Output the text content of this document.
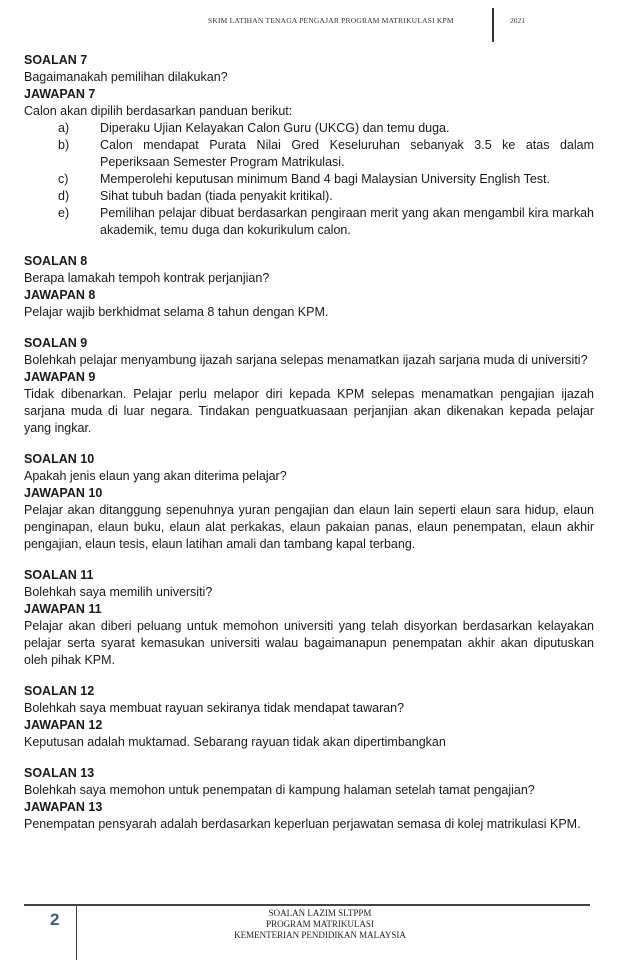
SKIM LATIHAN TENAGA PENGAJAR PROGRAM MATRIKULASI KPM	2021
SOALAN 7
Bagaimanakah pemilihan dilakukan?
JAWAPAN 7
Calon akan dipilih berdasarkan panduan berikut:
a)	Diperaku Ujian Kelayakan Calon Guru (UKCG) dan temu duga.
b)	Calon mendapat Purata Nilai Gred Keseluruhan sebanyak 3.5 ke atas dalam Peperiksaan Semester Program Matrikulasi.
c)	Memperolehi keputusan minimum Band 4 bagi Malaysian University English Test.
d)	Sihat tubuh badan (tiada penyakit kritikal).
e)	Pemilihan pelajar dibuat berdasarkan pengiraan merit yang akan mengambil kira markah akademik, temu duga dan kokurikulum calon.
SOALAN 8
Berapa lamakah tempoh kontrak perjanjian?
JAWAPAN 8
Pelajar wajib berkhidmat selama 8 tahun dengan KPM.
SOALAN 9
Bolehkah pelajar menyambung ijazah sarjana selepas menamatkan ijazah sarjana muda di universiti?
JAWAPAN 9
Tidak dibenarkan. Pelajar perlu melapor diri kepada KPM selepas menamatkan pengajian ijazah sarjana muda di luar negara. Tindakan penguatkuasaan perjanjian akan dikenakan kepada pelajar yang ingkar.
SOALAN 10
Apakah jenis elaun yang akan diterima pelajar?
JAWAPAN 10
Pelajar akan ditanggung sepenuhnya yuran pengajian dan elaun lain seperti elaun sara hidup, elaun penginapan, elaun buku, elaun alat perkakas, elaun pakaian panas, elaun penempatan, elaun akhir pengajian, elaun tesis, elaun latihan amali dan tambang kapal terbang.
SOALAN 11
Bolehkah saya memilih universiti?
JAWAPAN 11
Pelajar akan diberi peluang untuk memohon universiti yang telah disyorkan berdasarkan kelayakan pelajar serta syarat kemasukan universiti walau bagaimanapun penempatan akhir akan diputuskan oleh pihak KPM.
SOALAN 12
Bolehkah saya membuat rayuan sekiranya tidak mendapat tawaran?
JAWAPAN 12
Keputusan adalah muktamad. Sebarang rayuan tidak akan dipertimbangkan
SOALAN 13
Bolehkah saya memohon untuk penempatan di kampung halaman setelah tamat pengajian?
JAWAPAN 13
Penempatan pensyarah adalah berdasarkan keperluan perjawatan semasa di kolej matrikulasi KPM.
2	SOALAN LAZIM SLTPPM
PROGRAM MATRIKULASI
KEMENTERIAN PENDIDIKAN MALAYSIA
